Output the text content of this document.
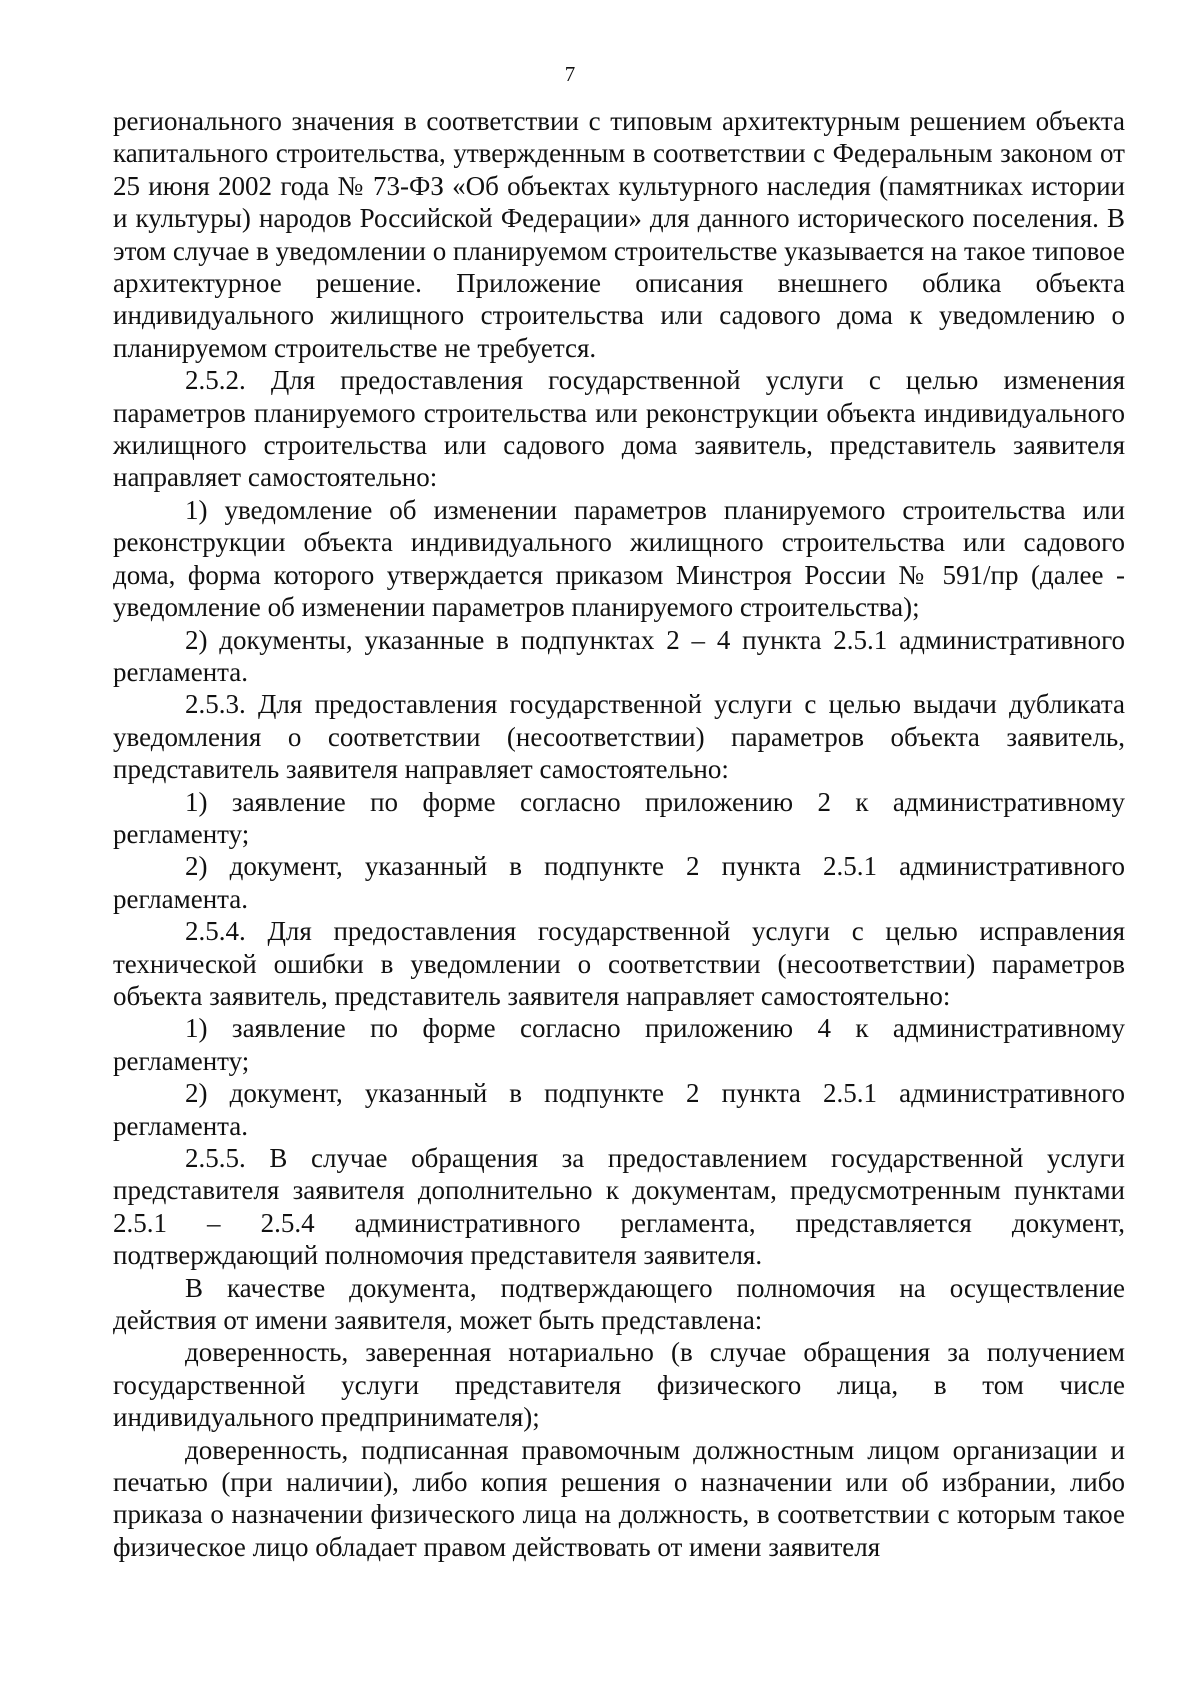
7

регионального значения в соответствии с типовым архитектурным решением объекта капитального строительства, утвержденным в соответствии с Федеральным законом от 25 июня 2002 года № 73-ФЗ «Об объектах культурного наследия (памятниках истории и культуры) народов Российской Федерации» для данного исторического поселения. В этом случае в уведомлении о планируемом строительстве указывается на такое типовое архитектурное решение. Приложение описания внешнего облика объекта индивидуального жилищного строительства или садового дома к уведомлению о планируемом строительстве не требуется.

2.5.2. Для предоставления государственной услуги с целью изменения параметров планируемого строительства или реконструкции объекта индивидуального жилищного строительства или садового дома заявитель, представитель заявителя направляет самостоятельно:

1) уведомление об изменении параметров планируемого строительства или реконструкции объекта индивидуального жилищного строительства или садового дома, форма которого утверждается приказом Минстроя России № 591/пр (далее - уведомление об изменении параметров планируемого строительства);

2) документы, указанные в подпунктах 2 – 4 пункта 2.5.1 административного регламента.

2.5.3. Для предоставления государственной услуги с целью выдачи дубликата уведомления о соответствии (несоответствии) параметров объекта заявитель, представитель заявителя направляет самостоятельно:

1) заявление по форме согласно приложению 2 к административному регламенту;

2) документ, указанный в подпункте 2 пункта 2.5.1 административного регламента.

2.5.4. Для предоставления государственной услуги с целью исправления технической ошибки в уведомлении о соответствии (несоответствии) параметров объекта заявитель, представитель заявителя направляет самостоятельно:

1) заявление по форме согласно приложению 4 к административному регламенту;

2) документ, указанный в подпункте 2 пункта 2.5.1 административного регламента.

2.5.5. В случае обращения за предоставлением государственной услуги представителя заявителя дополнительно к документам, предусмотренным пунктами 2.5.1 – 2.5.4 административного регламента, представляется документ, подтверждающий полномочия представителя заявителя.

В качестве документа, подтверждающего полномочия на осуществление действия от имени заявителя, может быть представлена:

доверенность, заверенная нотариально (в случае обращения за получением государственной услуги представителя физического лица, в том числе индивидуального предпринимателя);

доверенность, подписанная правомочным должностным лицом организации и печатью (при наличии), либо копия решения о назначении или об избрании, либо приказа о назначении физического лица на должность, в соответствии с которым такое физическое лицо обладает правом действовать от имени заявителя
